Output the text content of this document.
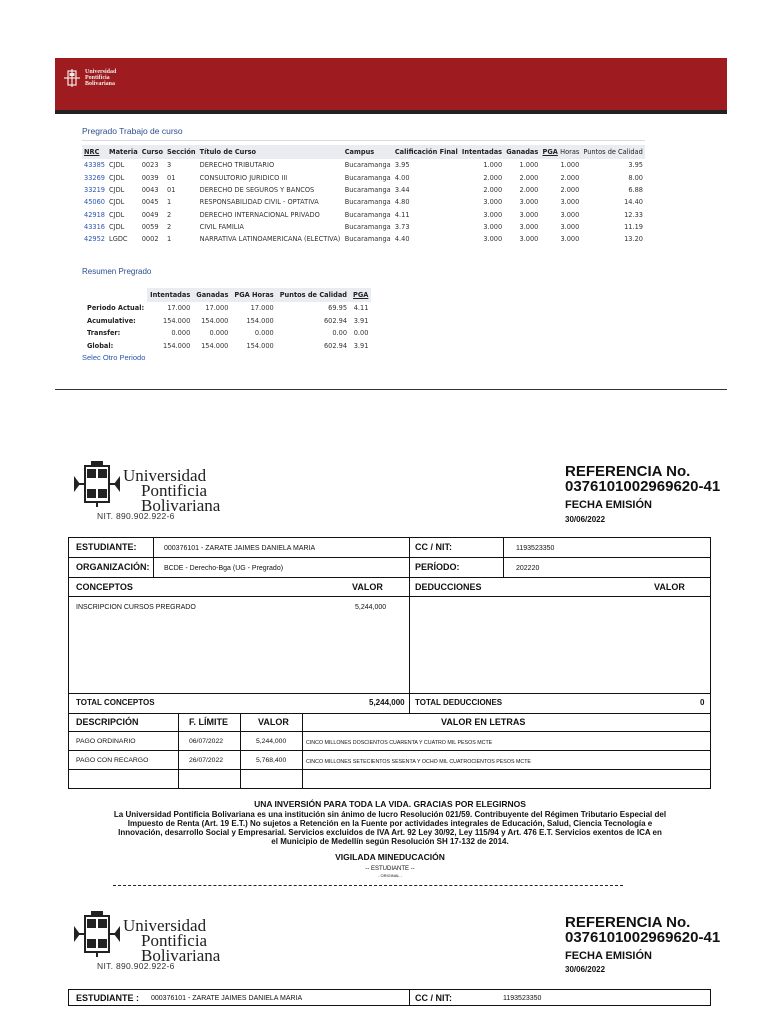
Universidad
Pontificia
Bolivariana
Pregrado Trabajo de curso
NRC	Materia	Curso	Sección	Título de Curso	Campus	Calificación Final	Intentadas	Ganadas	PGA Horas	Puntos de Calidad
43385	CJDL	0023	3	DERECHO TRIBUTARIO	Bucaramanga	3.95	1.000	1.000	1.000	3.95
33269	CJDL	0039	01	CONSULTORIO JURIDICO III	Bucaramanga	4.00	2.000	2.000	2.000	8.00
33219	CJDL	0043	01	DERECHO DE SEGUROS Y BANCOS	Bucaramanga	3.44	2.000	2.000	2.000	6.88
45060	CJDL	0045	1	RESPONSABILIDAD CIVIL - OPTATIVA	Bucaramanga	4.80	3.000	3.000	3.000	14.40
42918	CJDL	0049	2	DERECHO INTERNACIONAL PRIVADO	Bucaramanga	4.11	3.000	3.000	3.000	12.33
43316	CJDL	0059	2	CIVIL FAMILIA	Bucaramanga	3.73	3.000	3.000	3.000	11.19
42952	LGDC	0002	1	NARRATIVA LATINOAMERICANA (ELECTIVA)	Bucaramanga	4.40	3.000	3.000	3.000	13.20
Resumen Pregrado
	Intentadas	Ganadas	PGA Horas	Puntos de Calidad	PGA
Periodo Actual:	17.000	17.000	17.000	69.95	4.11
Acumulative:	154.000	154.000	154.000	602.94	3.91
Transfer:	0.000	0.000	0.000	0.00	0.00
Global:	154.000	154.000	154.000	602.94	3.91
Selec Otro Periodo
Universidad
Pontificia
Bolivariana
NIT. 890.902.922-6
REFERENCIA No.
0376101002969620-41
FECHA EMISIÓN
30/06/2022
ESTUDIANTE:	000376101 - ZARATE JAIMES DANIELA MARIA	CC / NIT:	1193523350
ORGANIZACIÓN: BCDE - Derecho-Bga (UG - Pregrado)	PERÍODO:	202220
CONCEPTOS	VALOR	DEDUCCIONES	VALOR
INSCRIPCION CURSOS PREGRADO	5,244,000
TOTAL CONCEPTOS	5,244,000 TOTAL DEDUCCIONES	0
DESCRIPCIÓN	F. LÍMITE	VALOR	VALOR EN LETRAS
PAGO ORDINARIO	06/07/2022	5,244,000	CINCO MILLONES DOSCIENTOS CUARENTA Y CUATRO MIL PESOS MCTE
PAGO CON RECARGO	26/07/2022	5,768,400	CINCO MILLONES SETECIENTOS SESENTA Y OCHO MIL CUATROCIENTOS PESOS MCTE
UNA INVERSIÓN PARA TODA LA VIDA. GRACIAS POR ELEGIRNOS
La Universidad Pontificia Bolivariana es una institución sin ánimo de lucro Resolución 021/59. Contribuyente del Régimen Tributario Especial del
Impuesto de Renta (Art. 19 E.T.) No sujetos a Retención en la Fuente por actividades integrales de Educación, Salud, Ciencia Tecnología e
Innovación, desarrollo Social y Empresarial. Servicios excluidos de IVA Art. 92 Ley 30/92, Ley 115/94 y Art. 476 E.T. Servicios exentos de ICA en
el Municipio de Medellín según Resolución SH 17-132 de 2014.
VIGILADA MINEDUCACIÓN
-- ESTUDIANTE --
- ORIGINAL -
Universidad
Pontificia
Bolivariana
NIT. 890.902.922-6
REFERENCIA No.
0376101002969620-41
FECHA EMISIÓN
30/06/2022
ESTUDIANTE : 000376101 - ZARATE JAIMES DANIELA MARIA	CC / NIT:	1193523350
